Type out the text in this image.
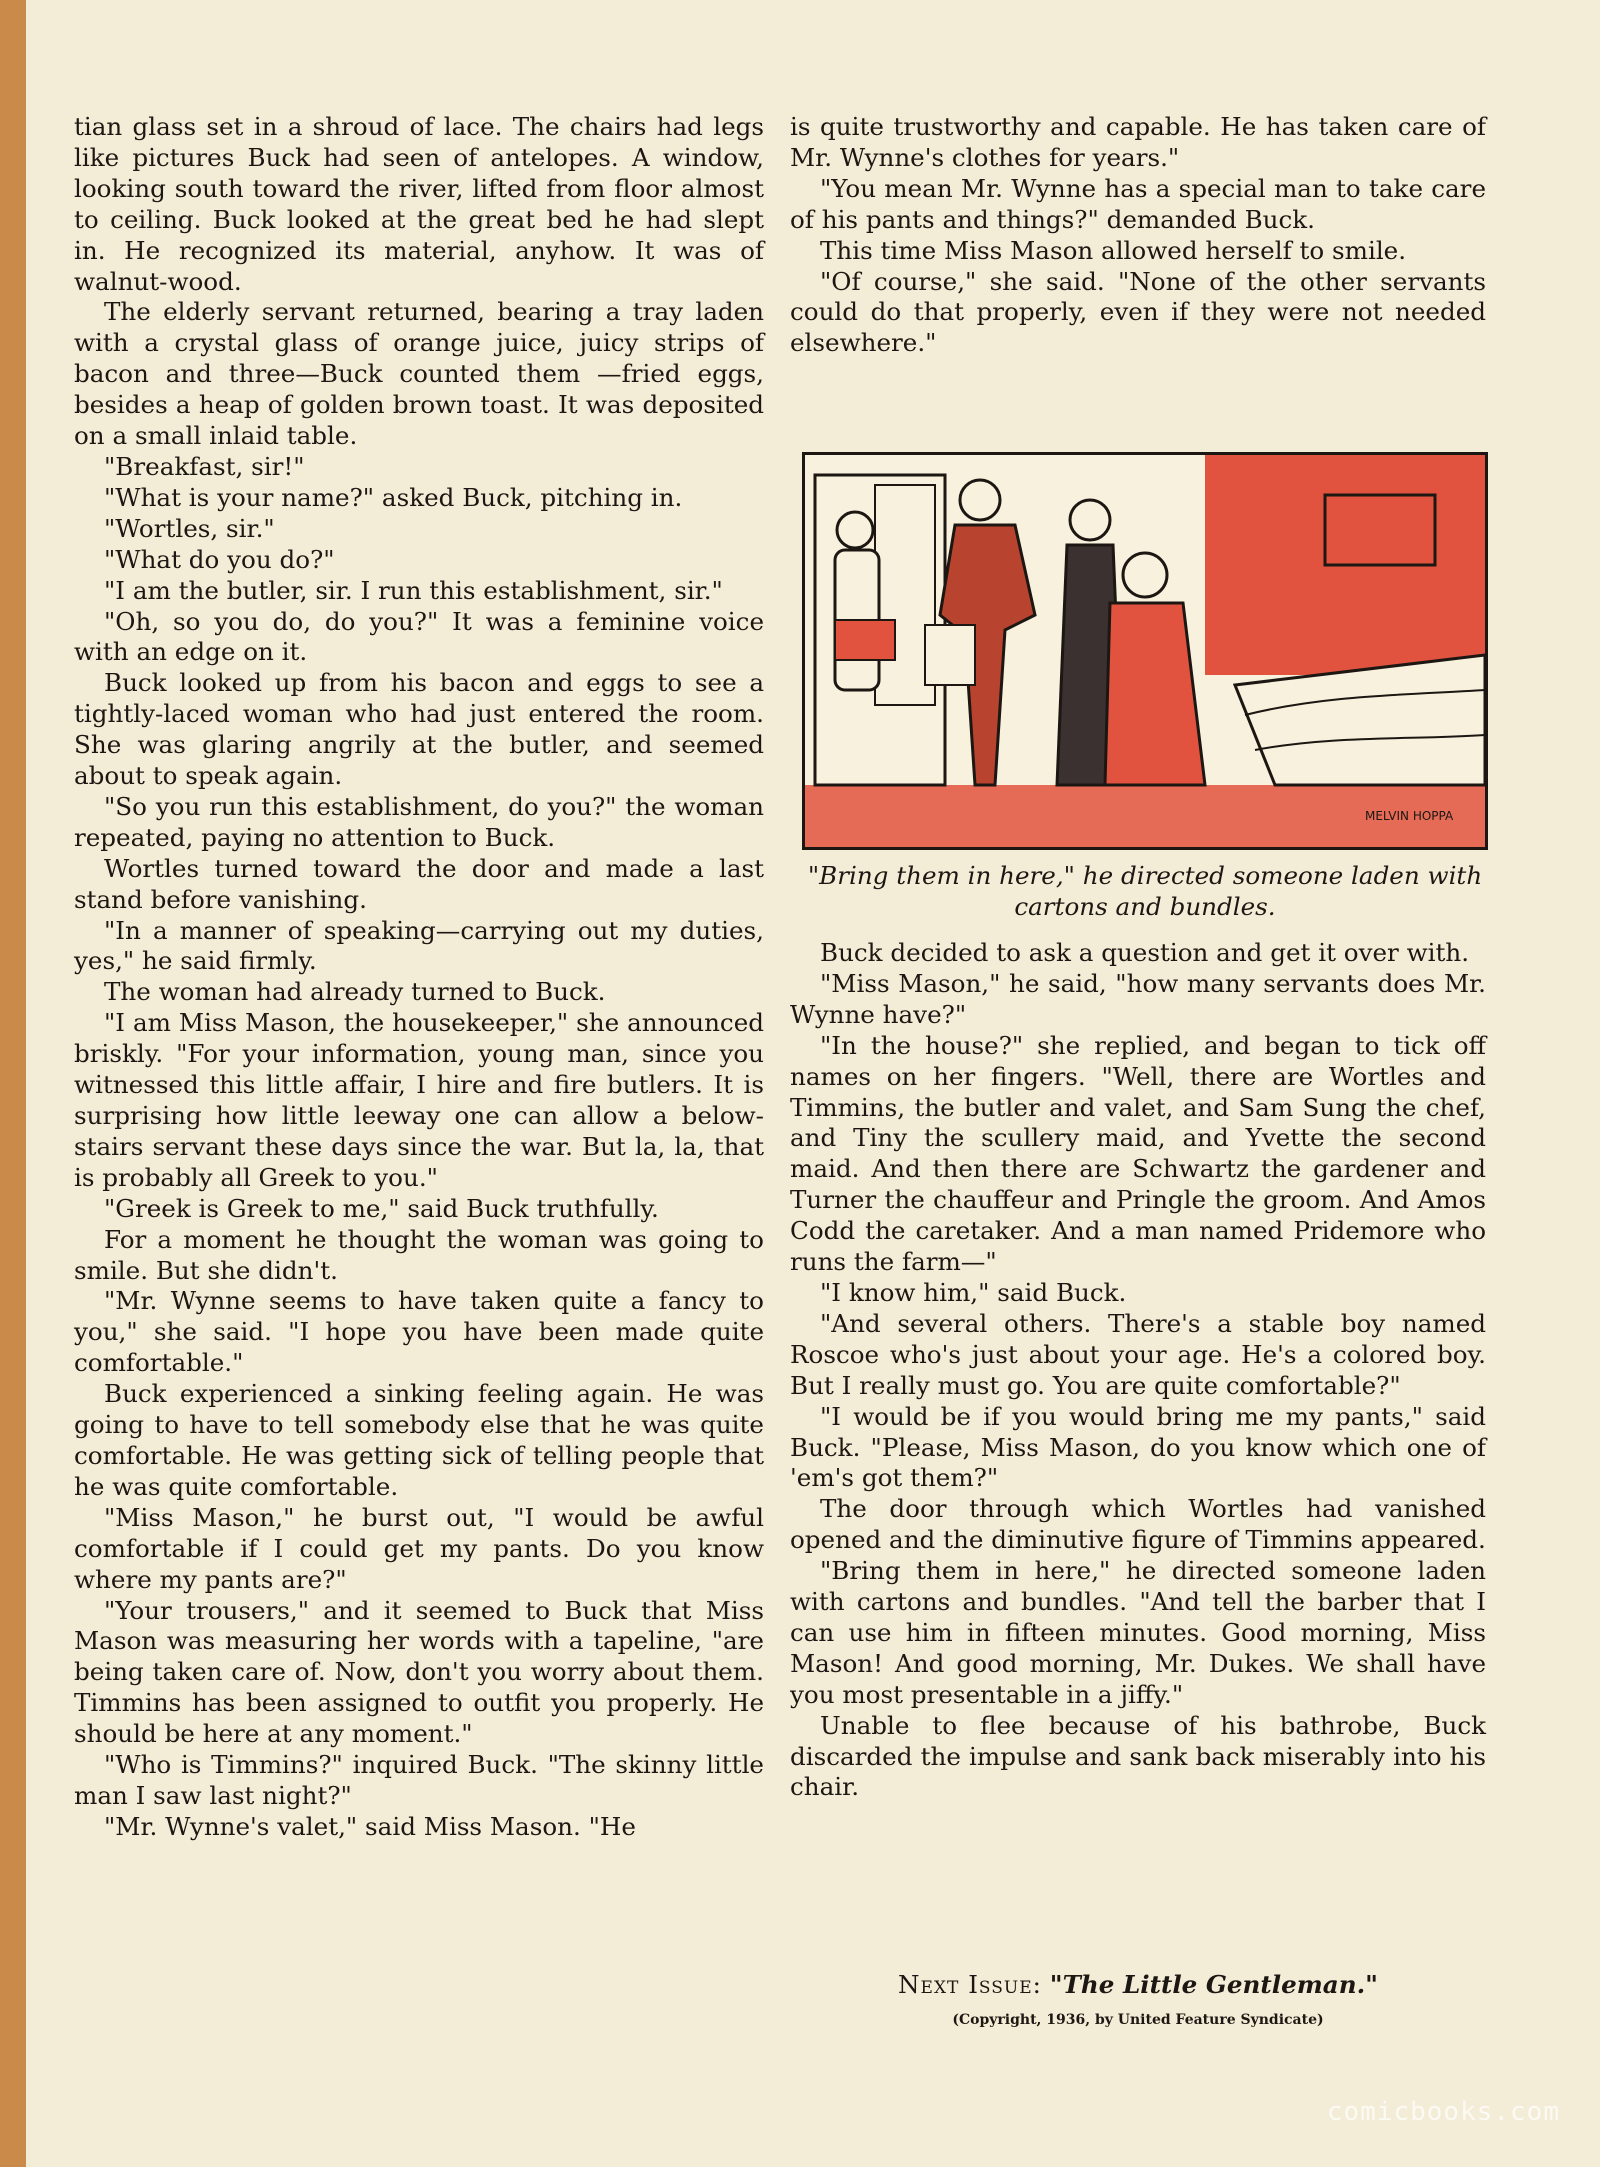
tian glass set in a shroud of lace. The chairs had legs like pictures Buck had seen of antelopes. A window, looking south toward the river, lifted from floor almost to ceiling. Buck looked at the great bed he had slept in. He recognized its material, anyhow. It was of walnut-wood.

The elderly servant returned, bearing a tray laden with a crystal glass of orange juice, juicy strips of bacon and three—Buck counted them —fried eggs, besides a heap of golden brown toast. It was deposited on a small inlaid table.

"Breakfast, sir!"

"What is your name?" asked Buck, pitching in.

"Wortles, sir."

"What do you do?"

"I am the butler, sir. I run this establishment, sir."

"Oh, so you do, do you?" It was a feminine voice with an edge on it.

Buck looked up from his bacon and eggs to see a tightly-laced woman who had just entered the room. She was glaring angrily at the butler, and seemed about to speak again.

"So you run this establishment, do you?" the woman repeated, paying no attention to Buck.

Wortles turned toward the door and made a last stand before vanishing.

"In a manner of speaking—carrying out my duties, yes," he said firmly.

The woman had already turned to Buck.

"I am Miss Mason, the housekeeper," she announced briskly. "For your information, young man, since you witnessed this little affair, I hire and fire butlers. It is surprising how little leeway one can allow a below-stairs servant these days since the war. But la, la, that is probably all Greek to you."

"Greek is Greek to me," said Buck truthfully.

For a moment he thought the woman was going to smile. But she didn't.

"Mr. Wynne seems to have taken quite a fancy to you," she said. "I hope you have been made quite comfortable."

Buck experienced a sinking feeling again. He was going to have to tell somebody else that he was quite comfortable. He was getting sick of telling people that he was quite comfortable.

"Miss Mason," he burst out, "I would be awful comfortable if I could get my pants. Do you know where my pants are?"

"Your trousers," and it seemed to Buck that Miss Mason was measuring her words with a tapeline, "are being taken care of. Now, don't you worry about them. Timmins has been assigned to outfit you properly. He should be here at any moment."

"Who is Timmins?" inquired Buck. "The skinny little man I saw last night?"

"Mr. Wynne's valet," said Miss Mason. "He

is quite trustworthy and capable. He has taken care of Mr. Wynne's clothes for years."

"You mean Mr. Wynne has a special man to take care of his pants and things?" demanded Buck.

This time Miss Mason allowed herself to smile.

"Of course," she said. "None of the other servants could do that properly, even if they were not needed elsewhere."

MELVIN HOPPA
"Bring them in here," he directed someone laden with cartons and bundles.

Buck decided to ask a question and get it over with.

"Miss Mason," he said, "how many servants does Mr. Wynne have?"

"In the house?" she replied, and began to tick off names on her fingers. "Well, there are Wortles and Timmins, the butler and valet, and Sam Sung the chef, and Tiny the scullery maid, and Yvette the second maid. And then there are Schwartz the gardener and Turner the chauffeur and Pringle the groom. And Amos Codd the caretaker. And a man named Pridemore who runs the farm—"

"I know him," said Buck.

"And several others. There's a stable boy named Roscoe who's just about your age. He's a colored boy. But I really must go. You are quite comfortable?"

"I would be if you would bring me my pants," said Buck. "Please, Miss Mason, do you know which one of 'em's got them?"

The door through which Wortles had vanished opened and the diminutive figure of Timmins appeared.

"Bring them in here," he directed someone laden with cartons and bundles. "And tell the barber that I can use him in fifteen minutes. Good morning, Miss Mason! And good morning, Mr. Dukes. We shall have you most presentable in a jiffy."

Unable to flee because of his bathrobe, Buck discarded the impulse and sank back miserably into his chair.

Next Issue: "The Little Gentleman."
(Copyright, 1936, by United Feature Syndicate)
comicbooks.com
